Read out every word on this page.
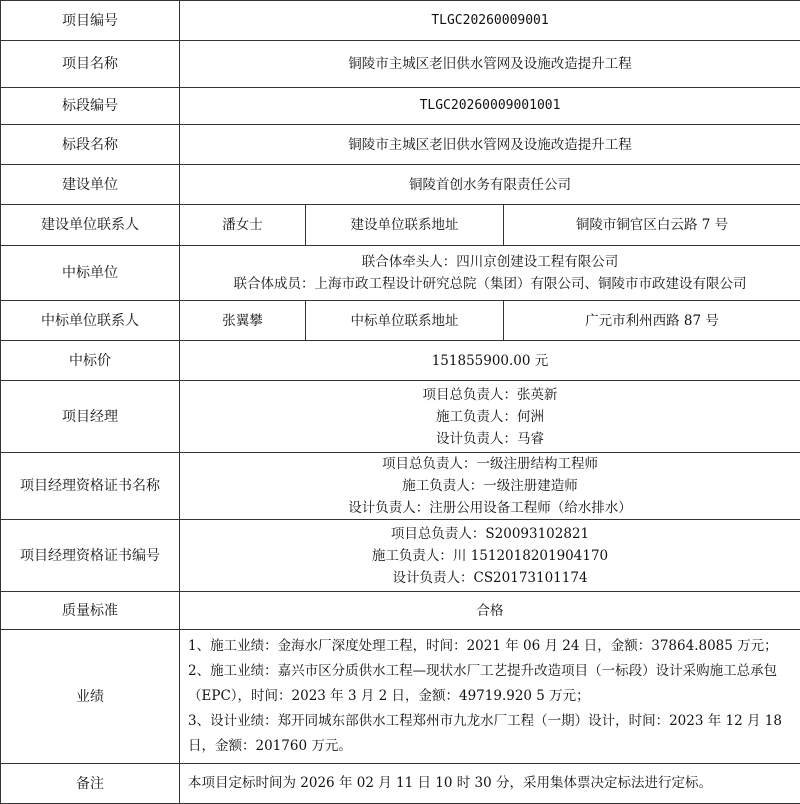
项目编号	TLGC20260009001		
项目名称	铜陵市主城区老旧供水管网及设施改造提升工程		
标段编号	TLGC20260009001001		
标段名称	铜陵市主城区老旧供水管网及设施改造提升工程		
建设单位	铜陵首创水务有限责任公司		
建设单位联系人	潘女士	建设单位联系地址	铜陵市铜官区白云路 7 号
中标单位	联合体牵头人：四川京创建设工程有限公司
联合体成员：上海市政工程设计研究总院（集团）有限公司、铜陵市市政建设有限公司		

中标单位联系人	张翼攀	中标单位联系地址	广元市利州西路 87 号
中标价	151855900.00 元		
项目经理	项目总负责人：张英新
施工负责人：何洲
设计负责人：马睿		

项目经理资格证书名称	项目总负责人：一级注册结构工程师
施工负责人：一级注册建造师
设计负责人：注册公用设备工程师（给水排水）		

项目经理资格证书编号	项目总负责人：S20093102821
施工负责人：川 1512018201904170
设计负责人：CS20173101174		

质量标准	合格		
业绩	1、施工业绩：金海水厂深度处理工程，时间：2021 年 06 月 24 日，金额：37864.8085 万元；
2、施工业绩：嘉兴市区分质供水工程—现状水厂工艺提升改造项目（一标段）设计采购施工总承包（EPC），时间：2023 年 3 月 2 日，金额：49719.920 5 万元；
3、设计业绩：郑开同城东部供水工程郑州市九龙水厂工程（一期）设计，时间：2023 年 12 月 18 日，金额：201760 万元。		

备注	本项目定标时间为 2026 年 02 月 11 日 10 时 30 分，采用集体票决定标法进行定标。		
